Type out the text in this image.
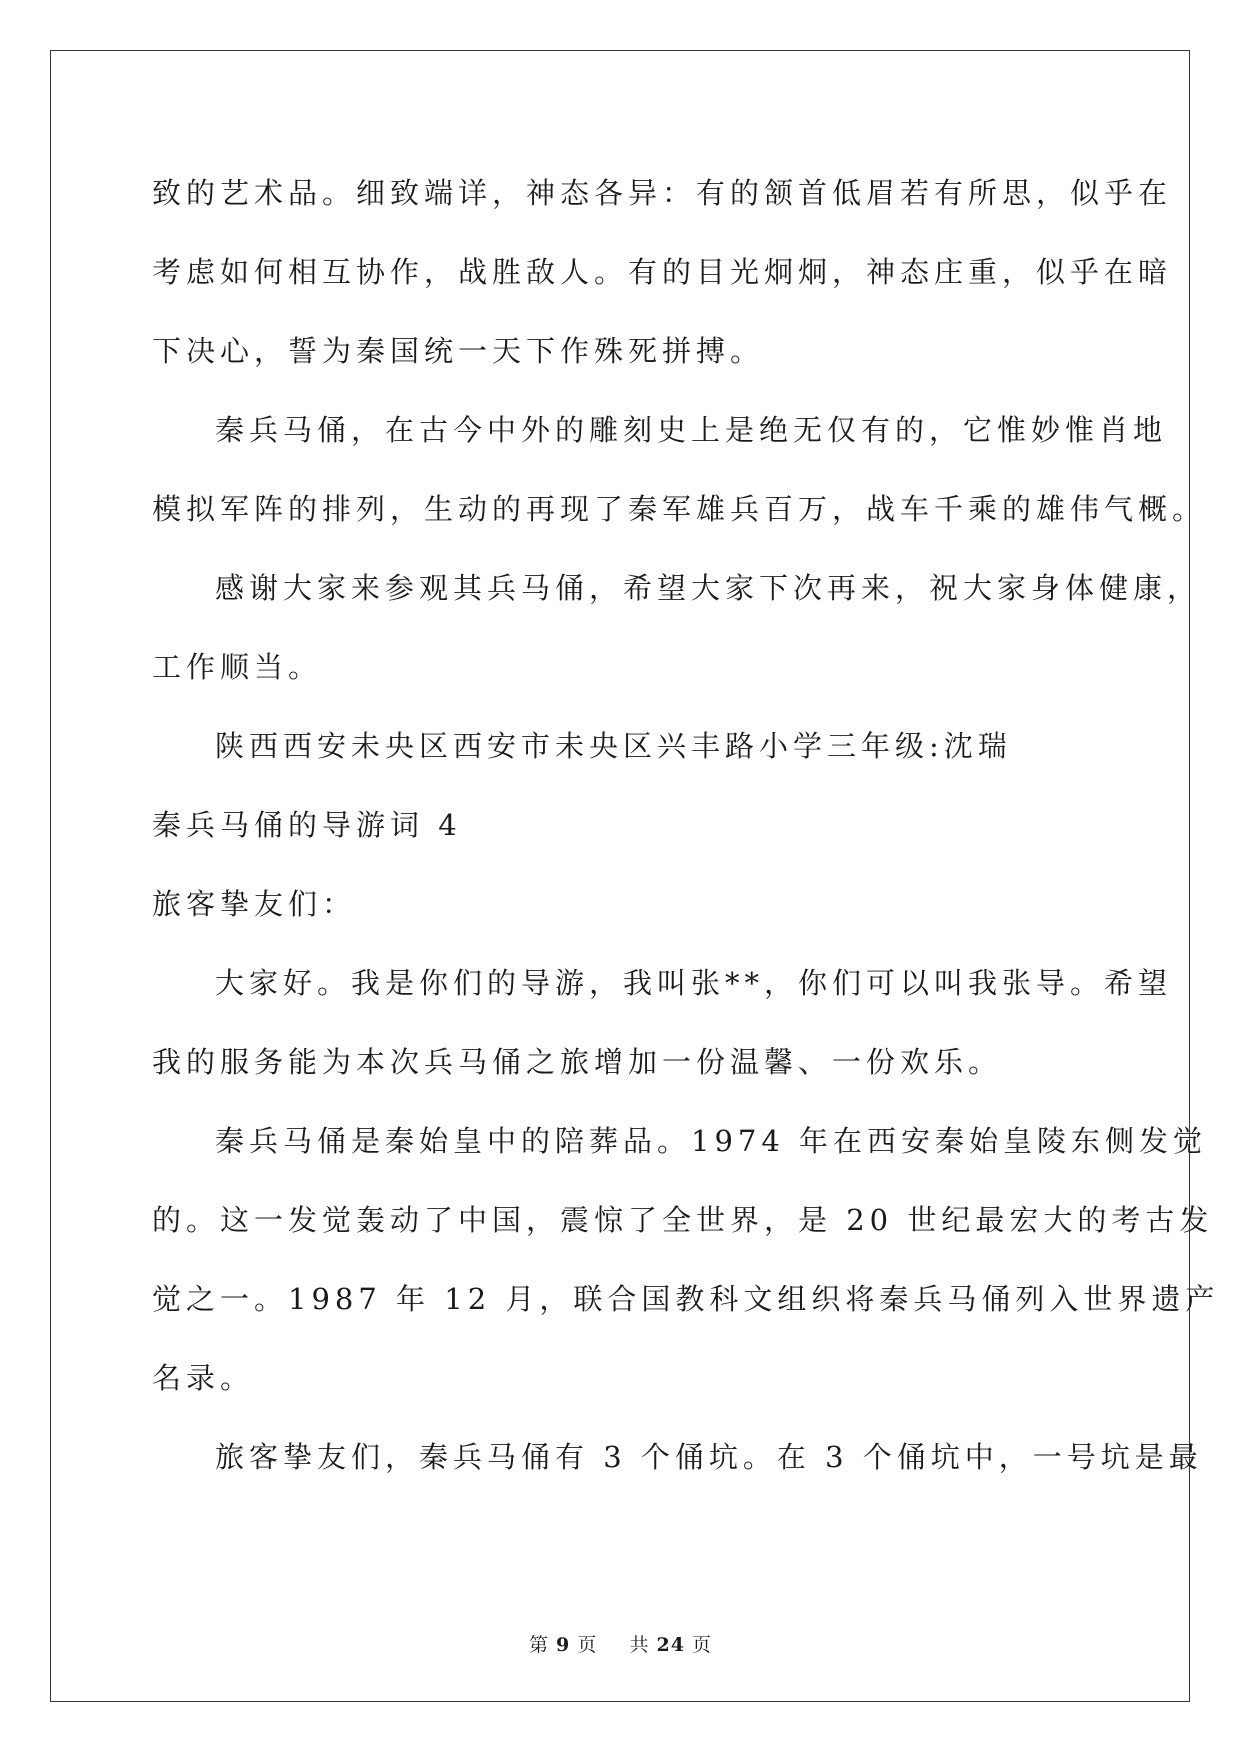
致的艺术品。细致端详，神态各异：有的颔首低眉若有所思，似乎在
考虑如何相互协作，战胜敌人。有的目光炯炯，神态庄重，似乎在暗
下决心，誓为秦国统一天下作殊死拼搏。
秦兵马俑，在古今中外的雕刻史上是绝无仅有的，它惟妙惟肖地
模拟军阵的排列，生动的再现了秦军雄兵百万，战车千乘的雄伟气概。
感谢大家来参观其兵马俑，希望大家下次再来，祝大家身体健康，
工作顺当。
陕西西安未央区西安市未央区兴丰路小学三年级:沈瑞
秦兵马俑的导游词 4
旅客挚友们：
大家好。我是你们的导游，我叫张**，你们可以叫我张导。希望
我的服务能为本次兵马俑之旅增加一份温馨、一份欢乐。
秦兵马俑是秦始皇中的陪葬品。1974 年在西安秦始皇陵东侧发觉
的。这一发觉轰动了中国，震惊了全世界，是 20 世纪最宏大的考古发
觉之一。1987 年 12 月，联合国教科文组织将秦兵马俑列入世界遗产
名录。
旅客挚友们，秦兵马俑有 3 个俑坑。在 3 个俑坑中，一号坑是最
第 9 页 共 24 页
